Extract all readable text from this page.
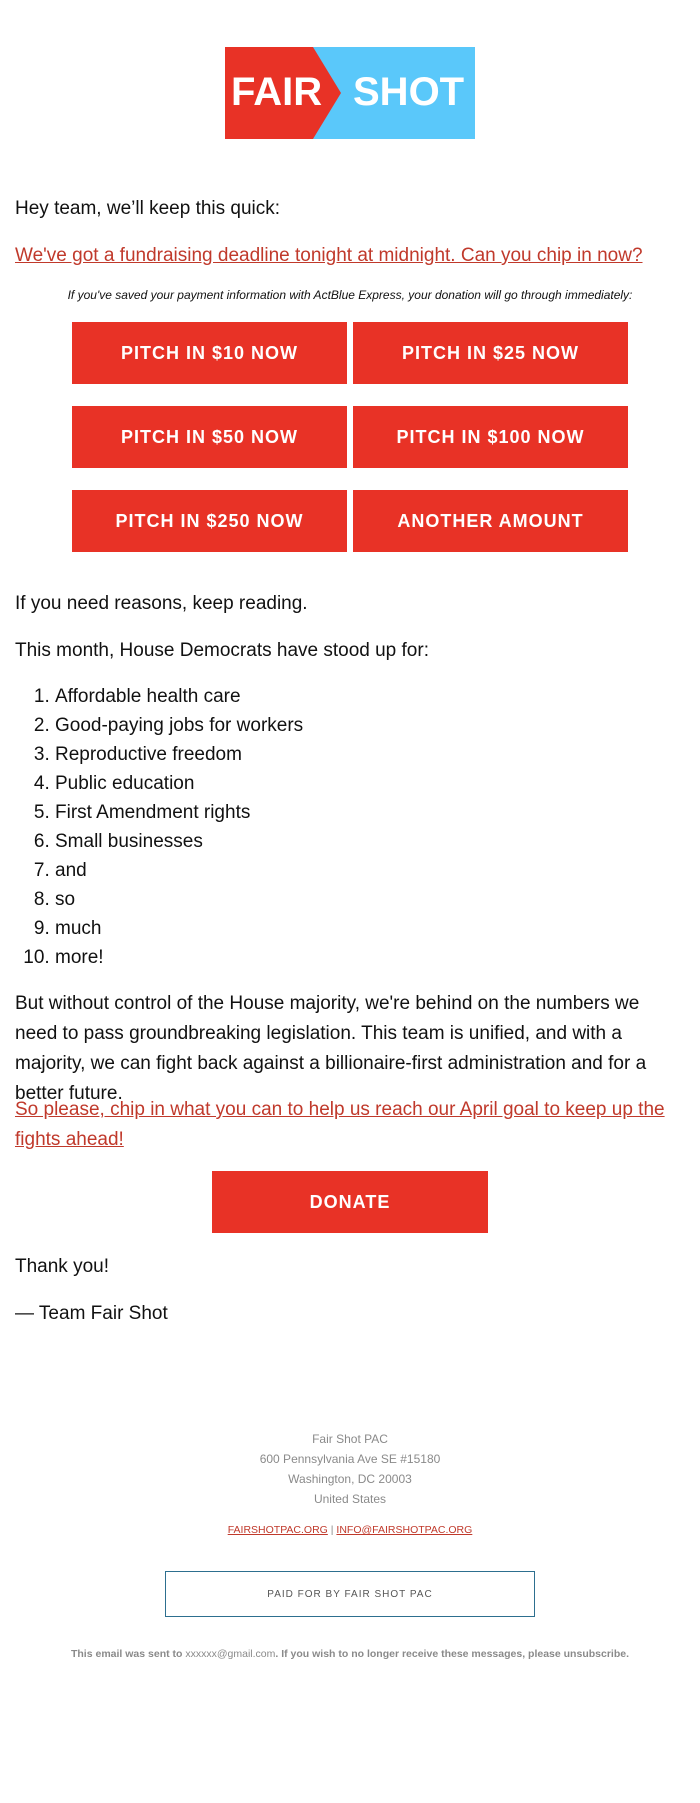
FAIR SHOT

Hey team, we’ll keep this quick:

We've got a fundraising deadline tonight at midnight. Can you chip in now?

If you've saved your payment information with ActBlue Express, your donation will go through immediately:
PITCH IN $10 NOW	PITCH IN $25 NOW
PITCH IN $50 NOW	PITCH IN $100 NOW
PITCH IN $250 NOW	ANOTHER AMOUNT

If you need reasons, keep reading.

This month, House Democrats have stood up for:

1. Affordable health care
2. Good-paying jobs for workers
3. Reproductive freedom
4. Public education
5. First Amendment rights
6. Small businesses
7. and
8. so
9. much
10. more!

But without control of the House majority, we're behind on the numbers we need to pass groundbreaking legislation. This team is unified, and with a majority, we can fight back against a billionaire-first administration and for a better future.

So please, chip in what you can to help us reach our April goal to keep up the fights ahead!

DONATE

Thank you!

— Team Fair Shot

Fair Shot PAC
600 Pennsylvania Ave SE #15180
Washington, DC 20003
United States
FAIRSHOTPAC.ORG | INFO@FAIRSHOTPAC.ORG
PAID FOR BY FAIR SHOT PAC
This email was sent to xxxxxx@gmail.com. If you wish to no longer receive these messages, please unsubscribe.
